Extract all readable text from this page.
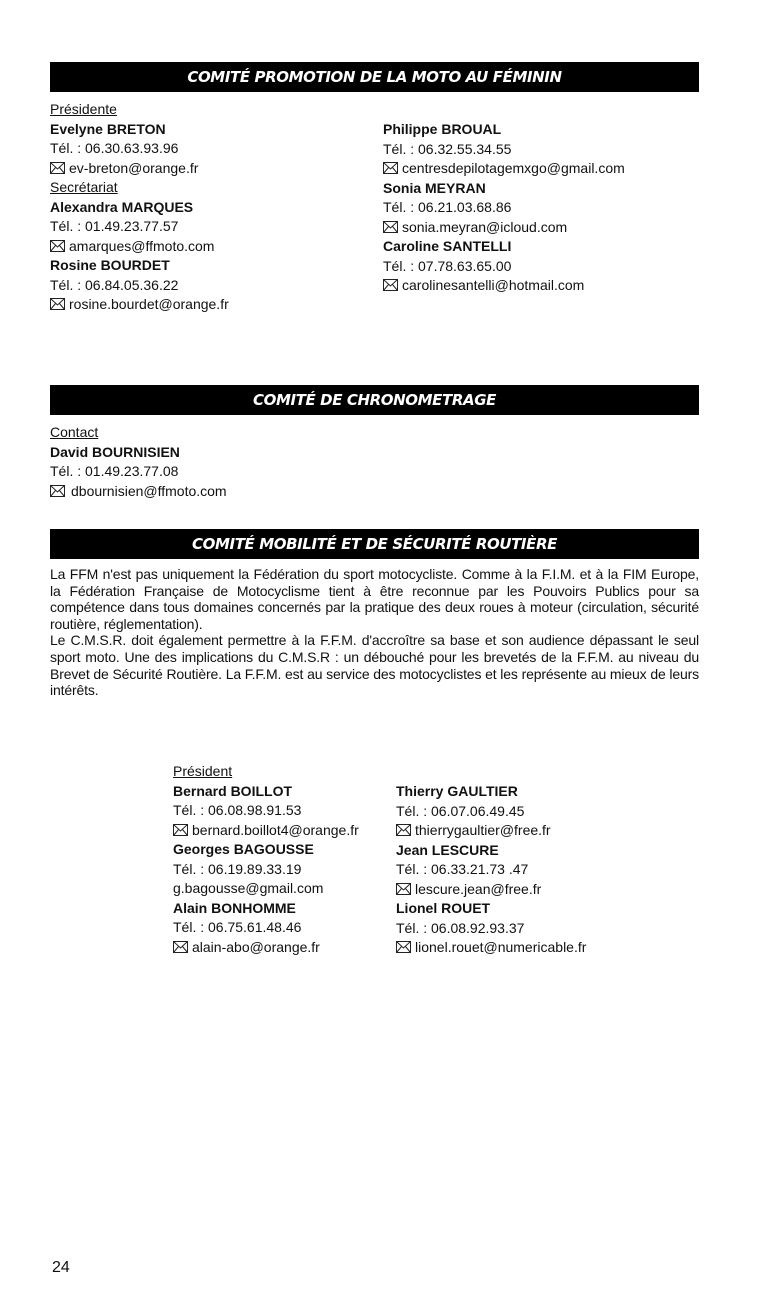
COMITÉ PROMOTION DE LA MOTO AU FÉMININ
Présidente
Evelyne BRETON
Tél. : 06.30.63.93.96
ev-breton@orange.fr
Secrétariat
Alexandra MARQUES
Tél. : 01.49.23.77.57
amarques@ffmoto.com
Rosine BOURDET
Tél. : 06.84.05.36.22
rosine.bourdet@orange.fr
Philippe BROUAL
Tél. : 06.32.55.34.55
centresdepilotagemxgo@gmail.com
Sonia MEYRAN
Tél. : 06.21.03.68.86
sonia.meyran@icloud.com
Caroline SANTELLI
Tél. : 07.78.63.65.00
carolinesantelli@hotmail.com
COMITÉ DE CHRONOMETRAGE
Contact
David BOURNISIEN
Tél. : 01.49.23.77.08
dbournisien@ffmoto.com
COMITÉ MOBILITÉ ET DE SÉCURITÉ ROUTIÈRE
La FFM n'est pas uniquement la Fédération du sport motocycliste. Comme à la F.I.M. et à la FIM Europe, la Fédération Française de Motocyclisme tient à être reconnue par les Pouvoirs Publics pour sa compétence dans tous domaines concernés par la pratique des deux roues à moteur (circulation, sécurité routière, réglementation).
Le C.M.S.R. doit également permettre à la F.F.M. d'accroître sa base et son audience dépassant le seul sport moto. Une des implications du C.M.S.R : un débouché pour les brevetés de la F.F.M. au niveau du Brevet de Sécurité Routière. La F.F.M. est au service des motocyclistes et les représente au mieux de leurs intérêts.
Président
Bernard BOILLOT
Tél. : 06.08.98.91.53
bernard.boillot4@orange.fr
Georges BAGOUSSE
Tél. : 06.19.89.33.19
g.bagousse@gmail.com
Alain BONHOMME
Tél. : 06.75.61.48.46
alain-abo@orange.fr
Thierry GAULTIER
Tél. : 06.07.06.49.45
thierrygaultier@free.fr
Jean LESCURE
Tél. : 06.33.21.73 .47
lescure.jean@free.fr
Lionel ROUET
Tél. : 06.08.92.93.37
lionel.rouet@numericable.fr
24
